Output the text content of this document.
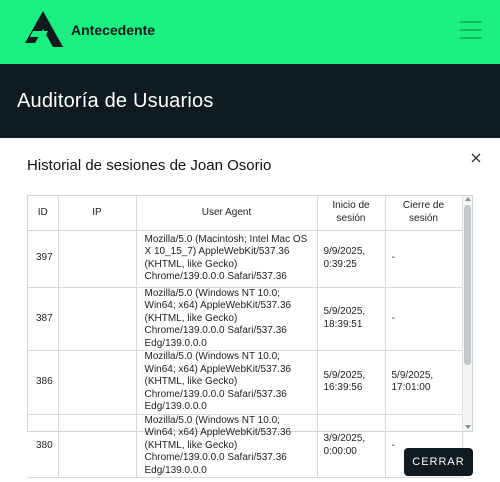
Antecedente
Auditoría de Usuarios
Historial de sesiones de Joan Osorio
ID	IP	User Agent	Inicio de sesión	Cierre de sesión
397		Mozilla/5.0 (Macintosh; Intel Mac OS X 10_15_7) AppleWebKit/537.36 (KHTML, like Gecko) Chrome/139.0.0.0 Safari/537.36	9/9/2025, 0:39:25	-
387		Mozilla/5.0 (Windows NT 10.0; Win64; x64) AppleWebKit/537.36 (KHTML, like Gecko) Chrome/139.0.0.0 Safari/537.36 Edg/139.0.0.0	5/9/2025, 18:39:51	-
386		Mozilla/5.0 (Windows NT 10.0; Win64; x64) AppleWebKit/537.36 (KHTML, like Gecko) Chrome/139.0.0.0 Safari/537.36 Edg/139.0.0.0	5/9/2025, 16:39:56	5/9/2025, 17:01:00
380		Mozilla/5.0 (Windows NT 10.0; Win64; x64) AppleWebKit/537.36 (KHTML, like Gecko) Chrome/139.0.0.0 Safari/537.36 Edg/139.0.0.0	3/9/2025, 0:00:00	-
CERRAR
